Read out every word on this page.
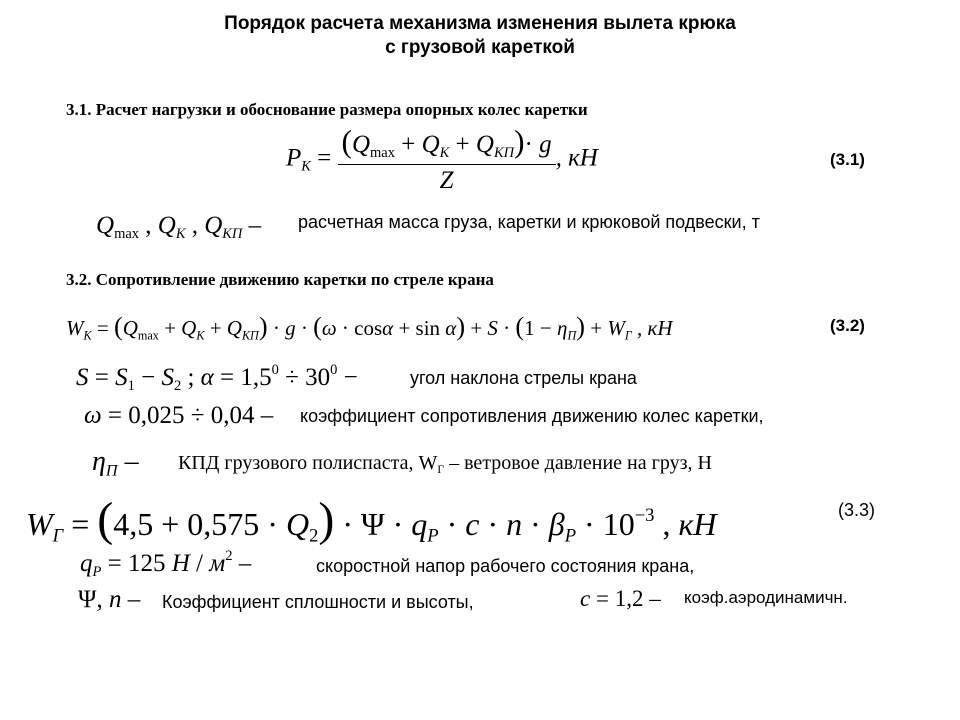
Порядок расчета механизма изменения вылета крюка
с грузовой кареткой
3.1. Расчет нагрузки и обоснование размера опорных колес каретки
$P_К = \frac{(Q_{max} + Q_К + Q_{КП})\cdot g}{Z}$ , кН	(3.1)
$Q_{max}$ , $Q_К$ , $Q_{КП}$ – расчетная масса груза, каретки и крюковой подвески, т
3.2. Сопротивление движению каретки по стреле крана
$W_К = (Q_{max} + Q_К + Q_{КП}) \cdot g \cdot (\omega \cdot \cos\alpha + \sin \alpha) + S \cdot (1 - \eta_П) + W_Г$ , кН	(3.2)
$S = S_1 - S_2$ ; $\alpha = 1,5^0 \div 30^0$ −	угол наклона стрелы крана
ω = 0,025 ÷ 0,04 – коэффициент сопротивления движению колес каретки,
$\eta_П$ – КПД грузового полиспаста, $W_Г$ – ветровое давление на груз, Н
$W_Г = (4,5 + 0,575 \cdot Q_2) \cdot \Psi \cdot q_P \cdot c \cdot n \cdot \beta_P \cdot 10^{-3}$ , кН	(3.3)
$q_P = 125$ Н / $м^2$ –	скоростной напор рабочего состояния крана,
Ψ, n – Коэффициент сплошности и высоты,	c = 1,2 – коэф.аэродинамичн.
